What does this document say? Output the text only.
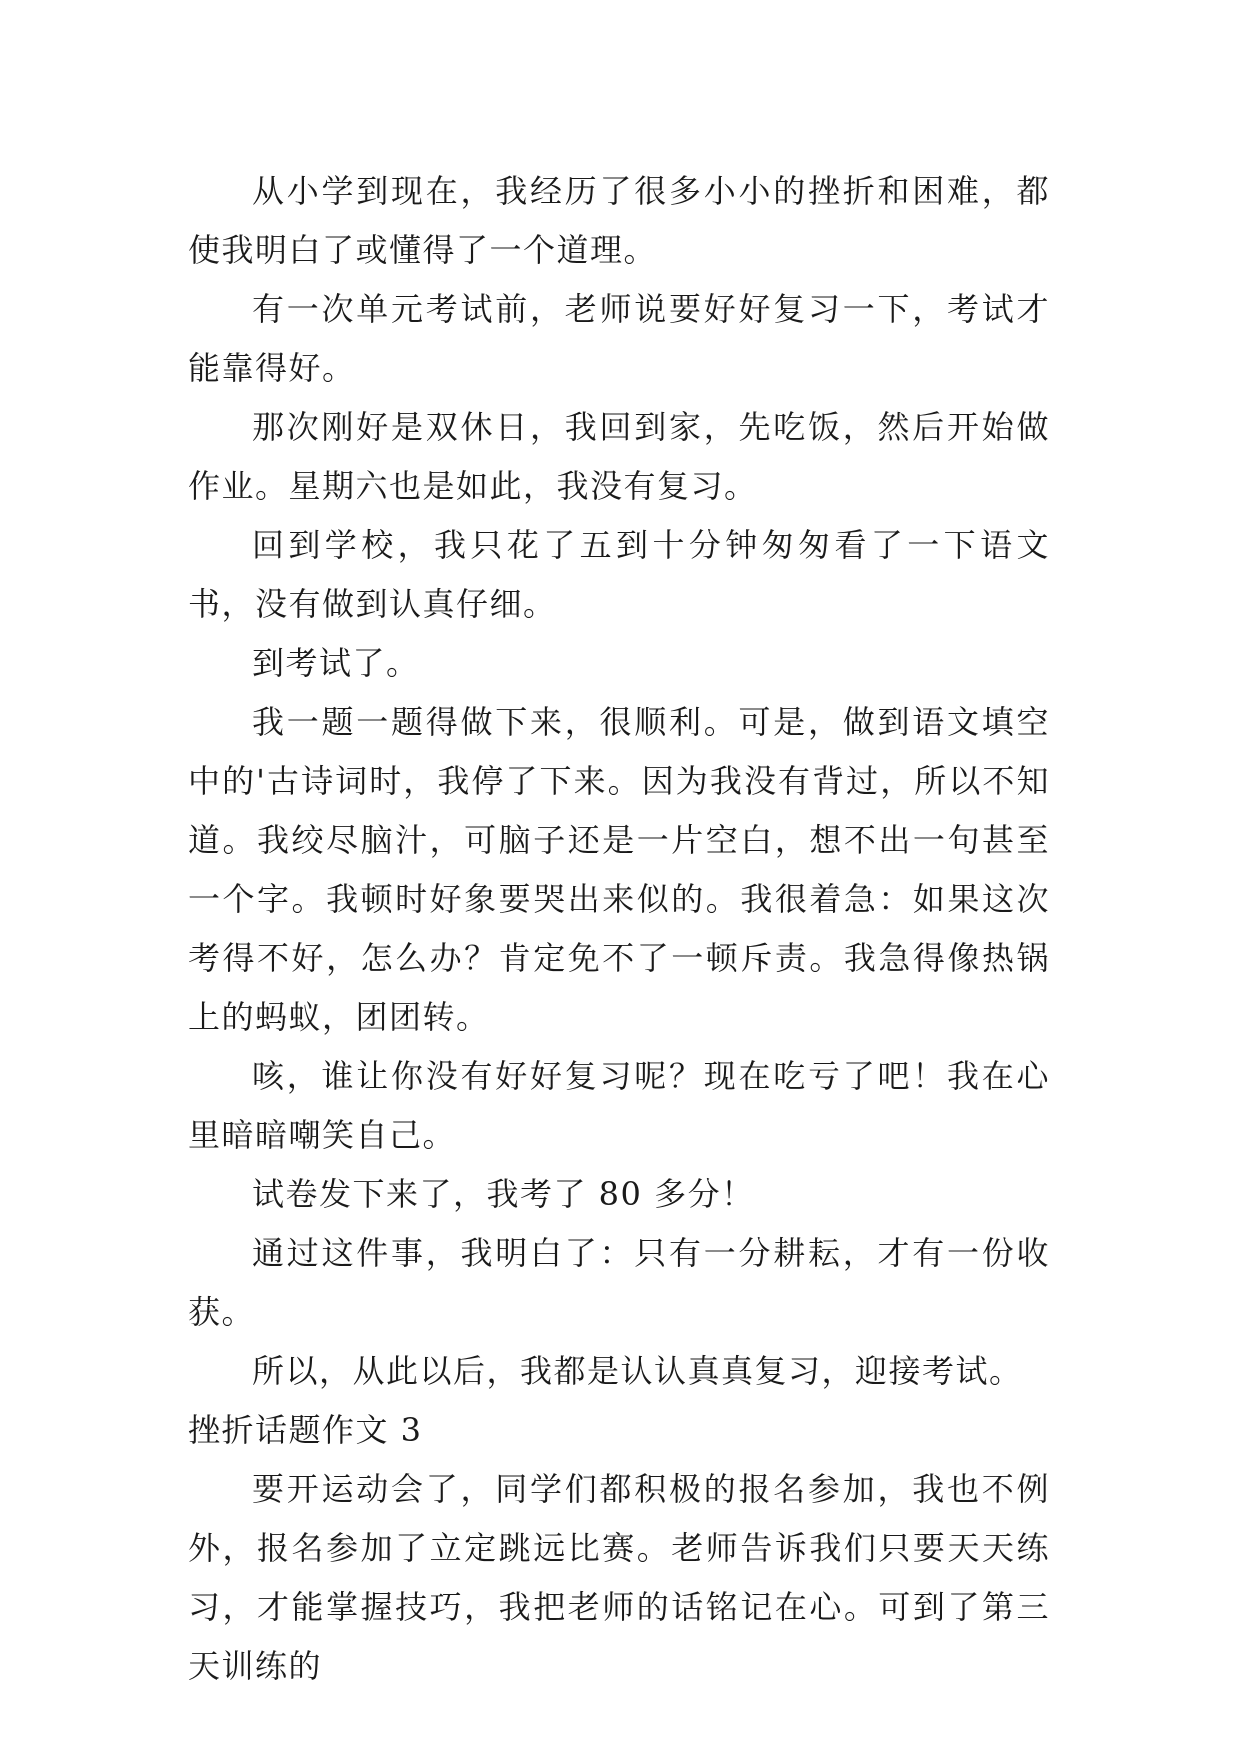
从小学到现在，我经历了很多小小的挫折和困难，都使我明白了或懂得了一个道理。

有一次单元考试前，老师说要好好复习一下，考试才能靠得好。

那次刚好是双休日，我回到家，先吃饭，然后开始做作业。星期六也是如此，我没有复习。

回到学校，我只花了五到十分钟匆匆看了一下语文书，没有做到认真仔细。

到考试了。

我一题一题得做下来，很顺利。可是，做到语文填空中的'古诗词时，我停了下来。因为我没有背过，所以不知道。我绞尽脑汁，可脑子还是一片空白，想不出一句甚至一个字。我顿时好象要哭出来似的。我很着急：如果这次考得不好，怎么办？肯定免不了一顿斥责。我急得像热锅上的蚂蚁，团团转。

咳，谁让你没有好好复习呢？现在吃亏了吧！我在心里暗暗嘲笑自己。

试卷发下来了，我考了 80 多分！

通过这件事，我明白了：只有一分耕耘，才有一份收获。

所以，从此以后，我都是认认真真复习，迎接考试。

挫折话题作文 3

要开运动会了，同学们都积极的报名参加，我也不例外，报名参加了立定跳远比赛。老师告诉我们只要天天练习，才能掌握技巧，我把老师的话铭记在心。可到了第三天训练的
